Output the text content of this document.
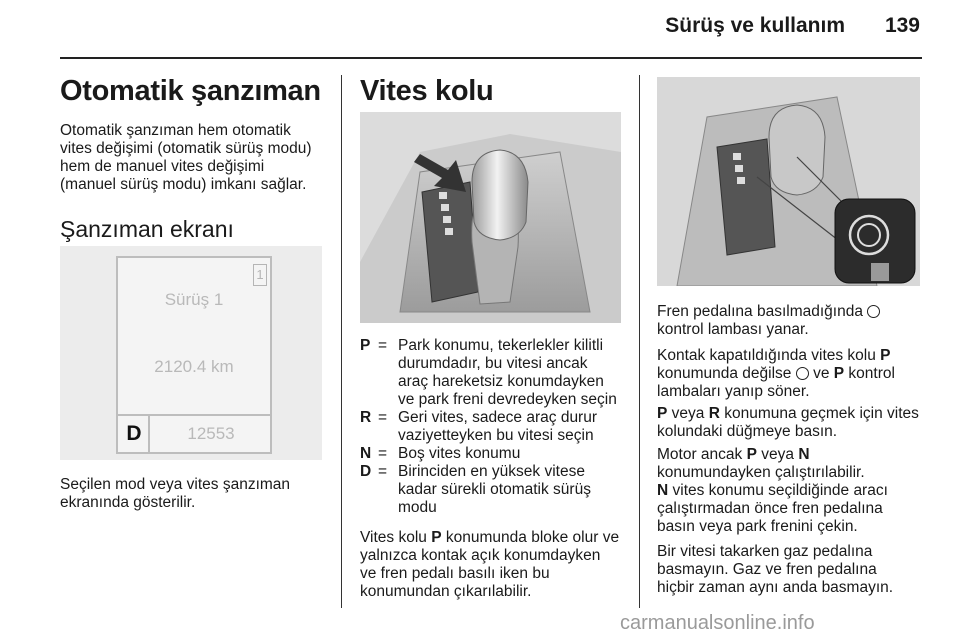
Sürüş ve kullanım 139
Otomatik şanzıman
Otomatik şanzıman hem otomatik
vites değişimi (otomatik sürüş modu)
hem de manuel vites değişimi
(manuel sürüş modu) imkanı sağlar.
Şanzıman ekranı
1
Sürüş 1
2120.4 km
D	12553
Seçilen mod veya vites şanzıman
ekranında gösterilir.
Vites kolu
P = Park konumu, tekerlekler kilitli
durumdadır, bu vitesi ancak
araç hareketsiz konumdayken
ve park freni devredeyken seçin
R = Geri vites, sadece araç durur
vaziyetteyken bu vitesi seçin
N = Boş vites konumu
D = Birinciden en yüksek vitese
kadar sürekli otomatik sürüş
modu
Vites kolu P konumunda bloke olur ve
yalnızca kontak açık konumdayken
ve fren pedalı basılı iken bu
konumundan çıkarılabilir.
Fren pedalına basılmadığında
kontrol lambası yanar.
Kontak kapatıldığında vites kolu P
konumunda değilse ve P kontrol
lambaları yanıp söner.
P veya R konumuna geçmek için vites
kolundaki düğmeye basın.
Motor ancak P veya N
konumundayken çalıştırılabilir.
N vites konumu seçildiğinde aracı
çalıştırmadan önce fren pedalına
basın veya park frenini çekin.
Bir vitesi takarken gaz pedalına
basmayın. Gaz ve fren pedalına
hiçbir zaman aynı anda basmayın.
carmanualsonline.info
